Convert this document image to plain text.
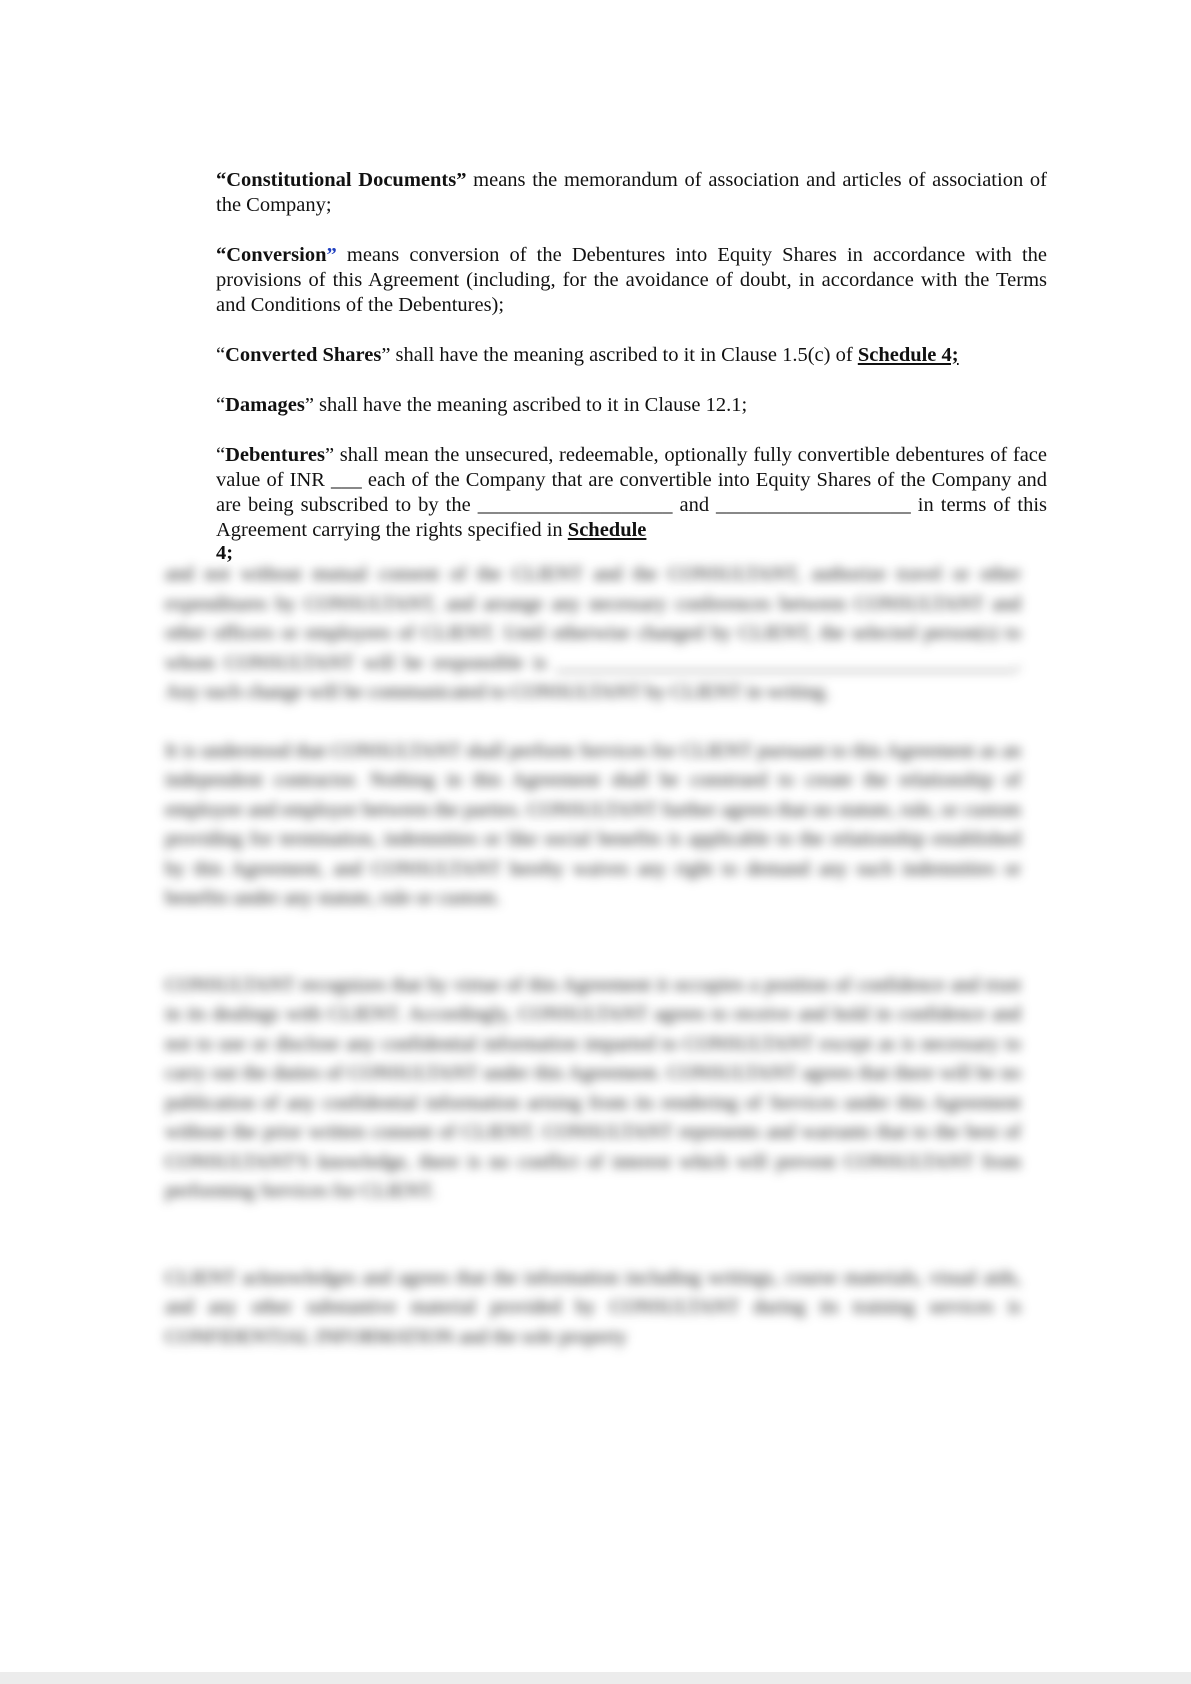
“Constitutional Documents” means the memorandum of association and articles of association of the Company;

“Conversion” means conversion of the Debentures into Equity Shares in accordance with the provisions of this Agreement (including, for the avoidance of doubt, in accordance with the Terms and Conditions of the Debentures);

“Converted Shares” shall have the meaning ascribed to it in Clause 1.5(c) of Schedule 4;

“Damages” shall have the meaning ascribed to it in Clause 12.1;

“Debentures” shall mean the unsecured, redeemable, optionally fully convertible debentures of face value of INR ___ each of the Company that are convertible into Equity Shares of the Company and are being subscribed to by the ___________________ and ___________________ in terms of this Agreement carrying the rights specified in Schedule

4;

and not without mutual consent of the CLIENT and the CONSULTANT, authorize travel or other expenditures by CONSULTANT, and arrange any necessary conferences between CONSULTANT and other officers or employees of CLIENT. Until otherwise changed by CLIENT, the selected person(s) to whom CONSULTANT will be responsible is ______________________________________________. Any such change will be communicated to CONSULTANT by CLIENT in writing.

It is understood that CONSULTANT shall perform Services for CLIENT pursuant to this Agreement as an independent contractor. Nothing in this Agreement shall be construed to create the relationship of employee and employer between the parties. CONSULTANT further agrees that no statute, rule, or custom providing for termination, indemnities or like social benefits is applicable to the relationship established by this Agreement, and CONSULTANT hereby waives any right to demand any such indemnities or benefits under any statute, rule or custom.

CONSULTANT recognizes that by virtue of this Agreement it occupies a position of confidence and trust in its dealings with CLIENT. Accordingly, CONSULTANT agrees to receive and hold in confidence and not to use or disclose any confidential information imparted to CONSULTANT except as is necessary to carry out the duties of CONSULTANT under this Agreement. CONSULTANT agrees that there will be no publication of any confidential information arising from its rendering of Services under this Agreement without the prior written consent of CLIENT. CONSULTANT represents and warrants that to the best of CONSULTANT'S knowledge, there is no conflict of interest which will prevent CONSULTANT from performing Services for CLIENT.

CLIENT acknowledges and agrees that the information including writings, course materials, visual aids, and any other substantive material provided by CONSULTANT during its training services is CONFIDENTIAL INFORMATION and the sole property
